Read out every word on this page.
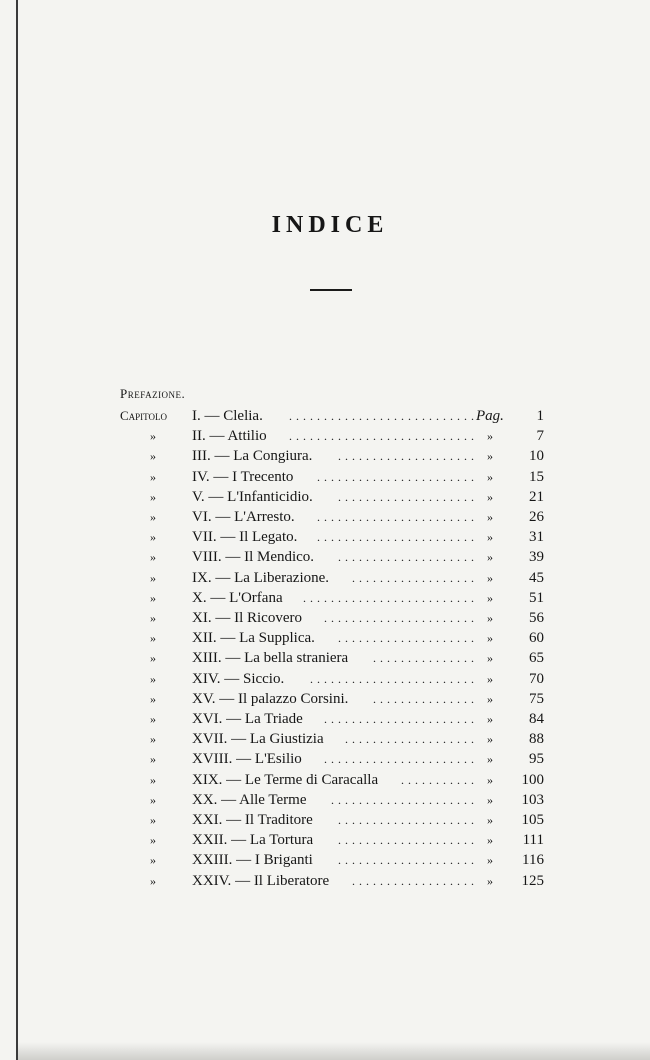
INDICE
Prefazione.
Capitolo I. — Clelia. ...........................
Pag. 1
» II. — Attilio ........................... »	7
» III. — La Congiura. .................... » 10
» IV. — I Trecento ....................... » 15
» V. — L'Infanticidio. .................... » 21
» VI. — L'Arresto. ....................... » 26
» VII. — Il Legato. ....................... » 31
» VIII. — Il Mendico. .................... » 39
» IX. — La Liberazione. .................. » 45
» X. — L'Orfana ......................... » 51
» XI. — Il Ricovero ...................... » 56
» XII. — La Supplica. .................... » 60
» XIII. — La bella straniera ............... » 65
» XIV. — Siccio. ........................ » 70
» XV. — Il palazzo Corsini. ............... » 75
» XVI. — La Triade ...................... » 84
» XVII. — La Giustizia ................... » 88
» XVIII. — L'Esilio ...................... » 95
» XIX. — Le Terme di Caracalla ........... » 100
» XX. — Alle Terme ..................... » 103
» XXI. — Il Traditore .................... » 105
» XXII. — La Tortura .................... » 111
» XXIII. — I Briganti .................... » 116
» XXIV. — Il Liberatore .................. » 125
